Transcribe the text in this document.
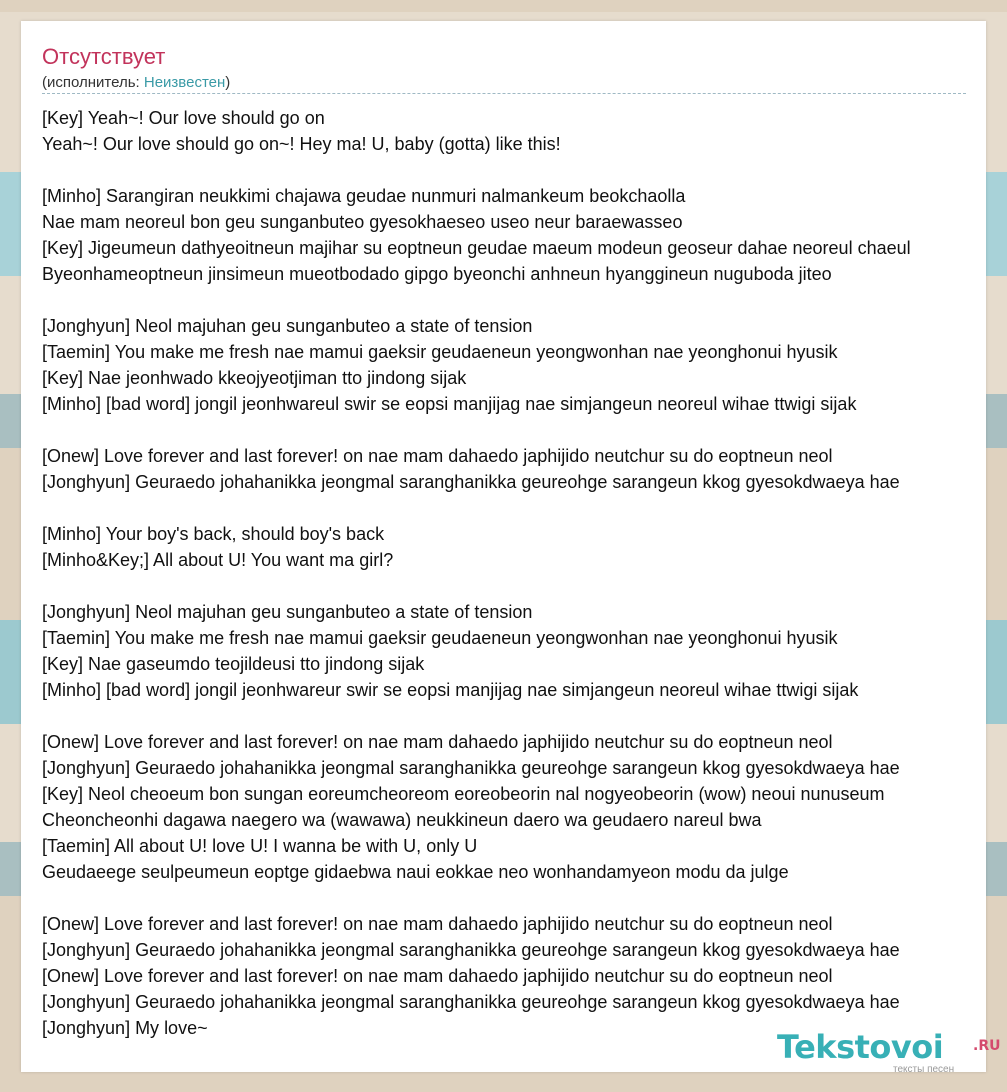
Отсутствует
(исполнитель: Неизвестен)
[Key] Yeah~! Our love should go on
Yeah~! Our love should go on~! Hey ma! U, baby (gotta) like this!
[Minho] Sarangiran neukkimi chajawa geudae nunmuri nalmankeum beokchaolla
Nae mam neoreul bon geu sunganbuteo gyesokhaeseo useo neur baraewasseo
[Key] Jigeumeun dathyeoitneun majihar su eoptneun geudae maeum modeun geoseur dahae neoreul chaeul
Byeonhameoptneun jinsimeun mueotbodado gipgo byeonchi anhneun hyanggineun nuguboda jiteo
[Jonghyun] Neol majuhan geu sunganbuteo a state of tension
[Taemin] You make me fresh nae mamui gaeksir geudaeneun yeongwonhan nae yeonghonui hyusik
[Key] Nae jeonhwado kkeojyeotjiman tto jindong sijak
[Minho] [bad word] jongil jeonhwareul swir se eopsi manjijag nae simjangeun neoreul wihae ttwigi sijak
[Onew] Love forever and last forever! on nae mam dahaedo japhijido neutchur su do eoptneun neol
[Jonghyun] Geuraedo johahanikka jeongmal saranghanikka geureohge sarangeun kkog gyesokdwaeya hae
[Minho] Your boy's back, should boy's back
[Minho&Key;] All about U! You want ma girl?
[Jonghyun] Neol majuhan geu sunganbuteo a state of tension
[Taemin] You make me fresh nae mamui gaeksir geudaeneun yeongwonhan nae yeonghonui hyusik
[Key] Nae gaseumdo teojildeusi tto jindong sijak
[Minho] [bad word] jongil jeonhwareur swir se eopsi manjijag nae simjangeun neoreul wihae ttwigi sijak
[Onew] Love forever and last forever! on nae mam dahaedo japhijido neutchur su do eoptneun neol
[Jonghyun] Geuraedo johahanikka jeongmal saranghanikka geureohge sarangeun kkog gyesokdwaeya hae
[Key] Neol cheoeum bon sungan eoreumcheoreom eoreobeorin nal nogyeobeorin (wow) neoui nunuseum
Cheoncheonhi dagawa naegero wa (wawawa) neukkineun daero wa geudaero nareul bwa
[Taemin] All about U! love U! I wanna be with U, only U
Geudaeege seulpeumeun eoptge gidaebwa naui eokkae neo wonhandamyeon modu da julge
[Onew] Love forever and last forever! on nae mam dahaedo japhijido neutchur su do eoptneun neol
[Jonghyun] Geuraedo johahanikka jeongmal saranghanikka geureohge sarangeun kkog gyesokdwaeya hae
[Onew] Love forever and last forever! on nae mam dahaedo japhijido neutchur su do eoptneun neol
[Jonghyun] Geuraedo johahanikka jeongmal saranghanikka geureohge sarangeun kkog gyesokdwaeya hae
[Jonghyun] My love~	Tekstovoi .RU
тексты песен
